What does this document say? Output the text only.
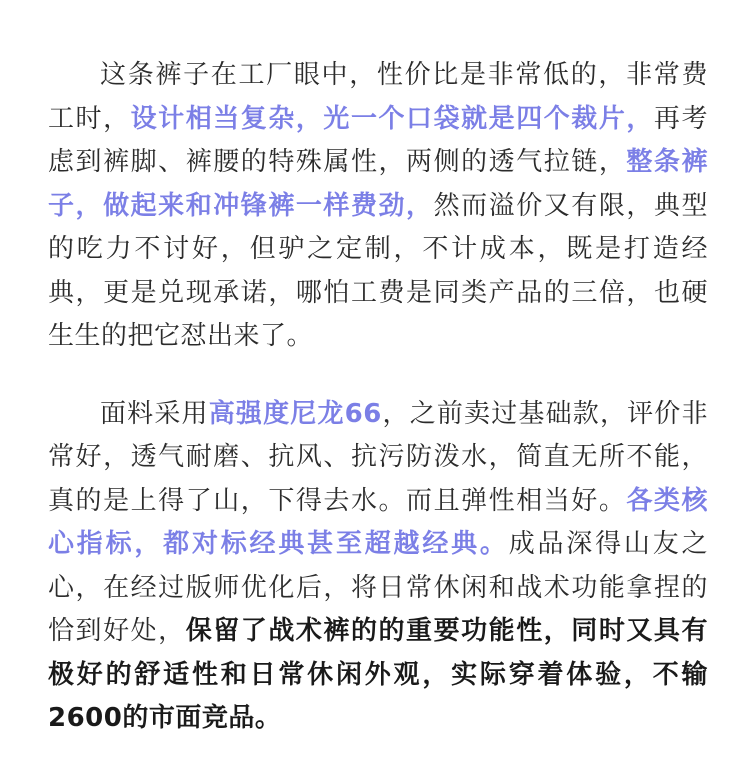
这条裤子在工厂眼中，性价比是非常低的，非常费工时，设计相当复杂，光一个口袋就是四个裁片，再考虑到裤脚、裤腰的特殊属性，两侧的透气拉链，整条裤子，做起来和冲锋裤一样费劲，然而溢价又有限，典型的吃力不讨好，但驴之定制，不计成本，既是打造经典，更是兑现承诺，哪怕工费是同类产品的三倍，也硬生生的把它怼出来了。

面料采用高强度尼龙66，之前卖过基础款，评价非常好，透气耐磨、抗风、抗污防泼水，简直无所不能，真的是上得了山，下得去水。而且弹性相当好。各类核心指标，都对标经典甚至超越经典。成品深得山友之心，在经过版师优化后，将日常休闲和战术功能拿捏的恰到好处，保留了战术裤的的重要功能性，同时又具有极好的舒适性和日常休闲外观，实际穿着体验，不输2600的市面竞品。
